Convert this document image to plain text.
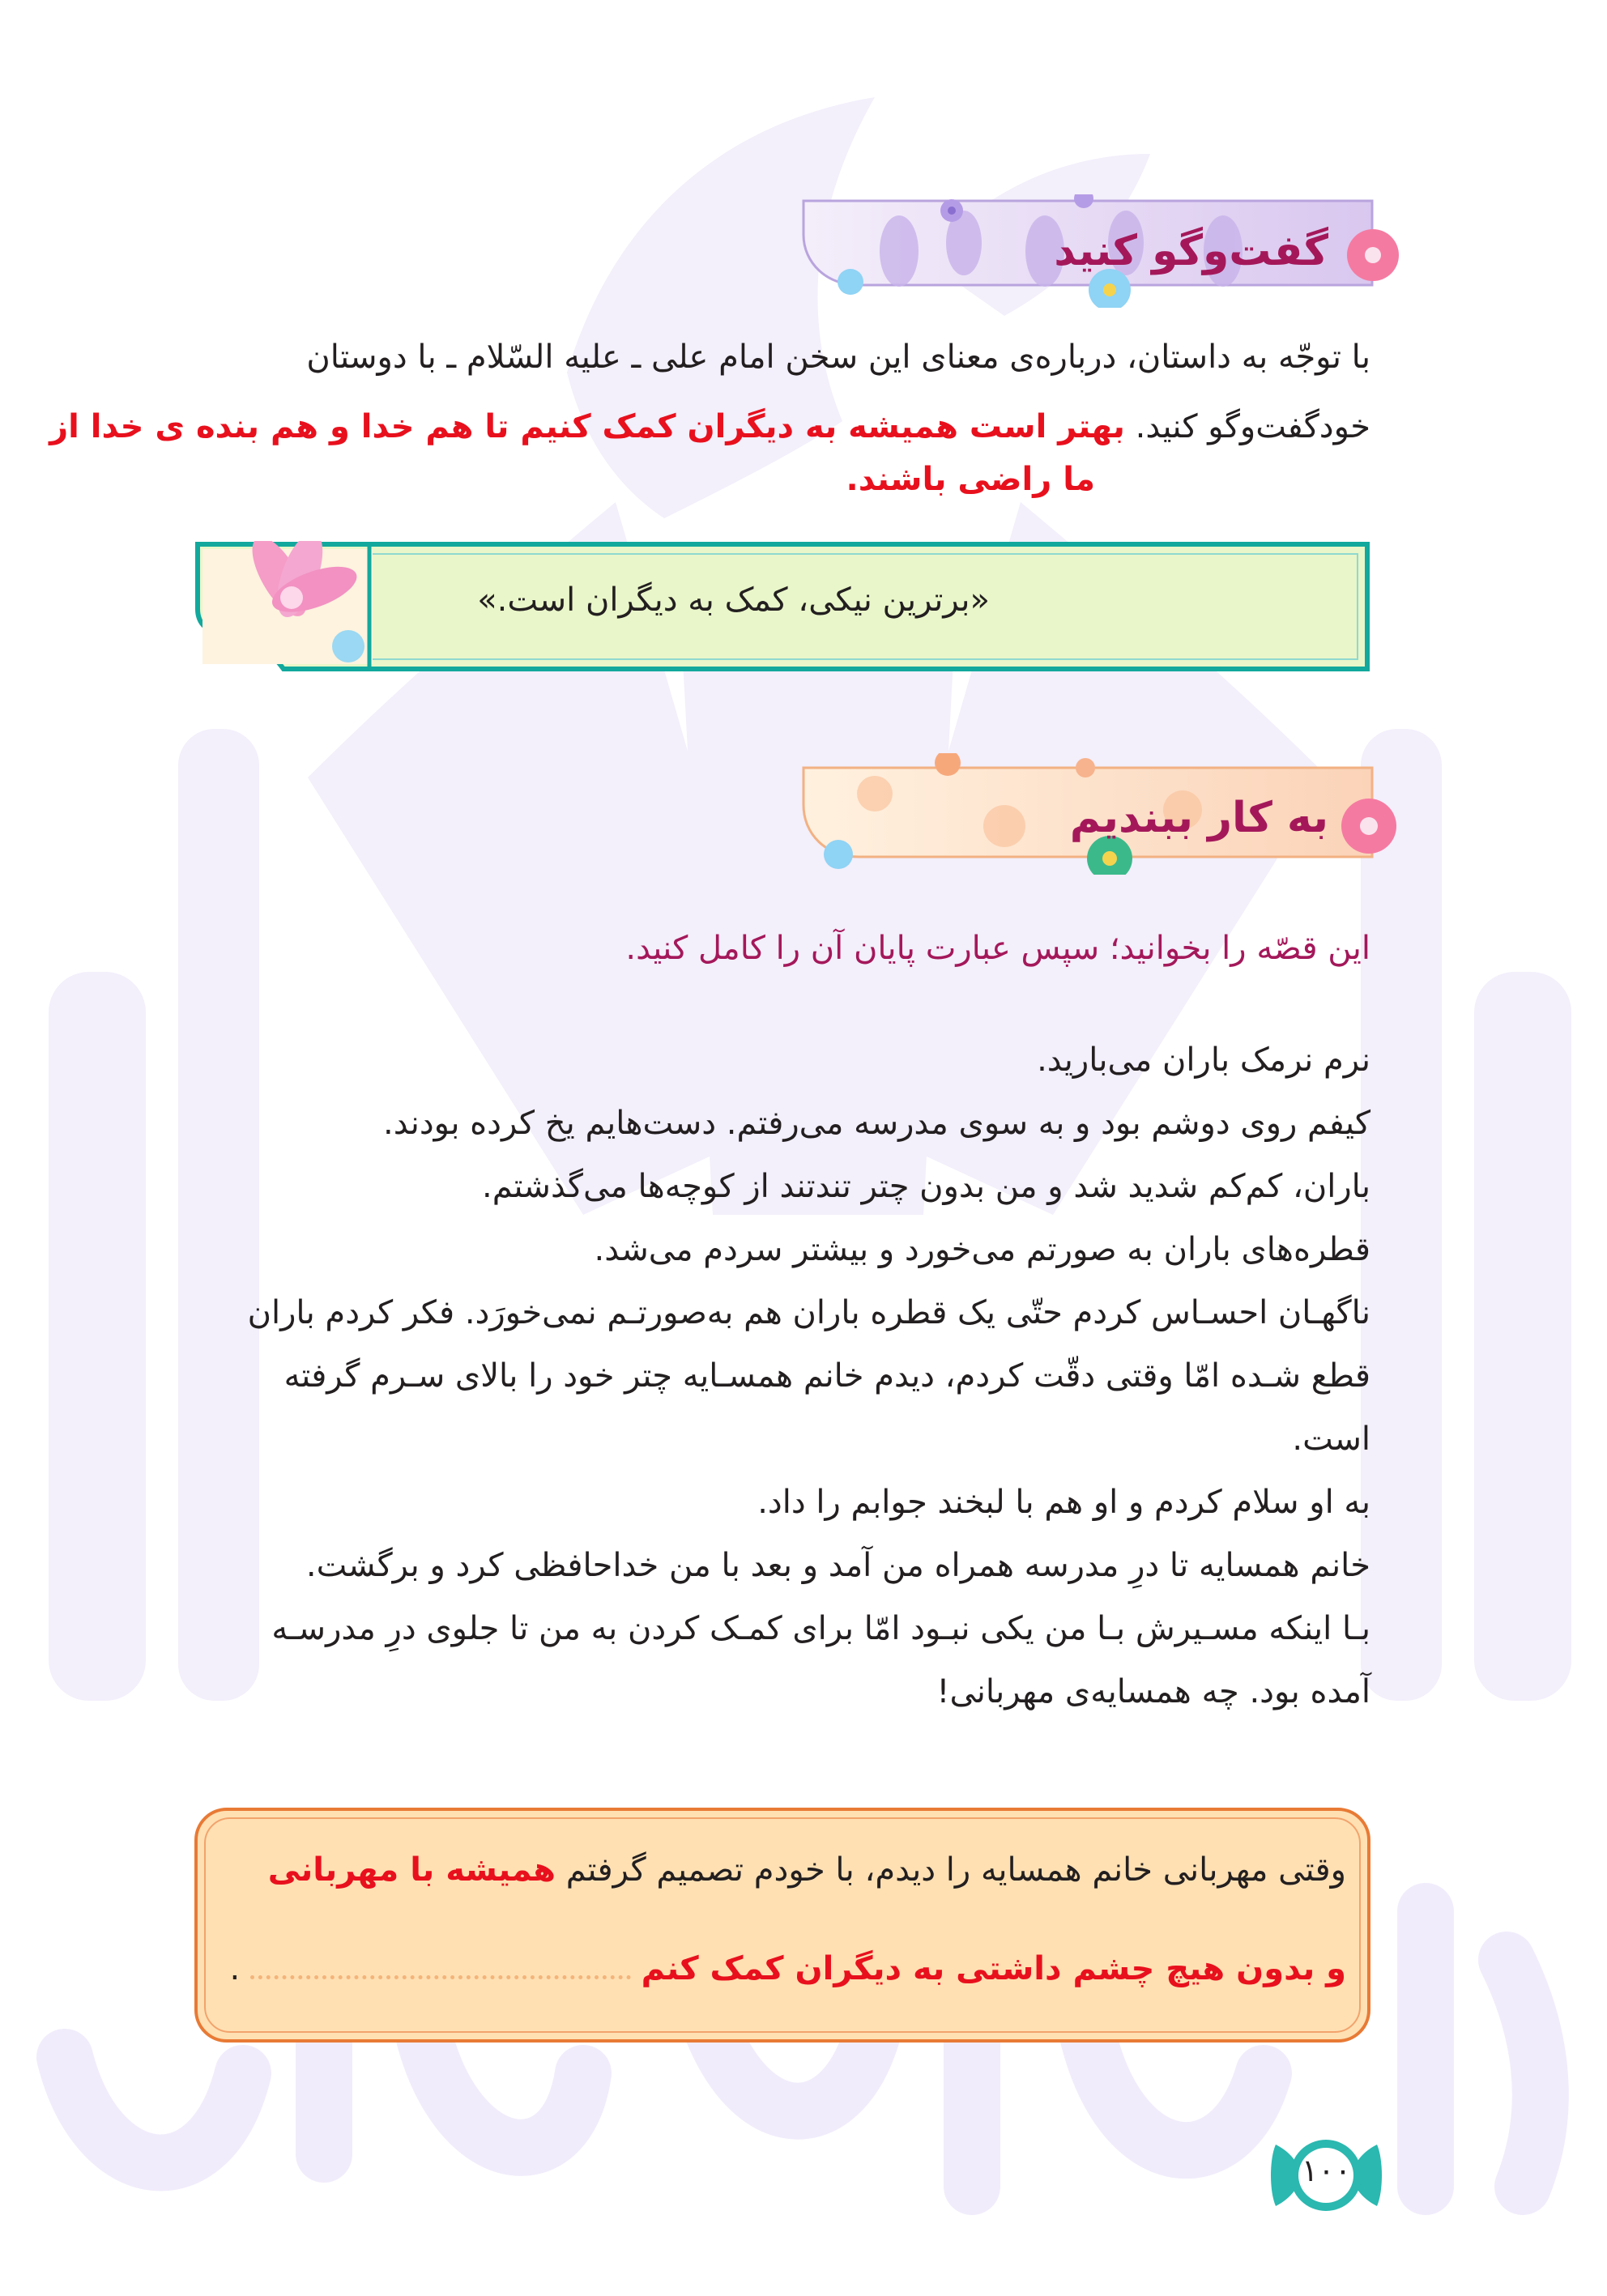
گفت‌وگو کنید
با توجّه به داستان، درباره‌ی معنای این سخن امام علی ـ علیه السّلام ـ با دوستان
خودگفت‌وگو کنید. بهتر است همیشه به دیگران کمک کنیم تا هم خدا و هم بنده ی خدا از
ما راضی باشند.
«برترین نیکی، کمک به دیگران است.»
به کار ببندیم
این قصّه را بخوانید؛ سپس عبارت پایان آن را کامل کنید.
نرم نرمک باران می‌بارید.
کیفم روی دوشم بود و به سوی مدرسه می‌رفتم. دست‌هایم یخ کرده بودند.
باران، کم‌کم شدید شد و من بدون چتر تندتند از کوچه‌ها می‌گذشتم.
قطره‌های باران به صورتم می‌خورد و بیشتر سردم می‌شد.
ناگهـان احسـاس کردم حتّی یک قطره باران هم به‌صورتـم نمی‌خورَد. فکر کردم باران
قطع شـده امّا وقتی دقّت کردم، دیدم خانم همسـایه چتر خود را بالای سـرم گرفته
است.
به او سلام کردم و او هم با لبخند جوابم را داد.
خانم همسایه تا درِ مدرسه همراه من آمد و بعد با من خداحافظی کرد و برگشت.
بـا اینکه مسـیرش بـا من یکی نبـود امّا برای کمـک کردن به من تا جلوی درِ مدرسـه
آمده بود. چه همسایه‌ی مهربانی!
وقتی مهربانی خانم همسایه را دیدم، با خودم تصمیم گرفتم همیشه با مهربانی
و بدون هیچ چشم داشتی به دیگران کمک کنم  .
۱۰۰
